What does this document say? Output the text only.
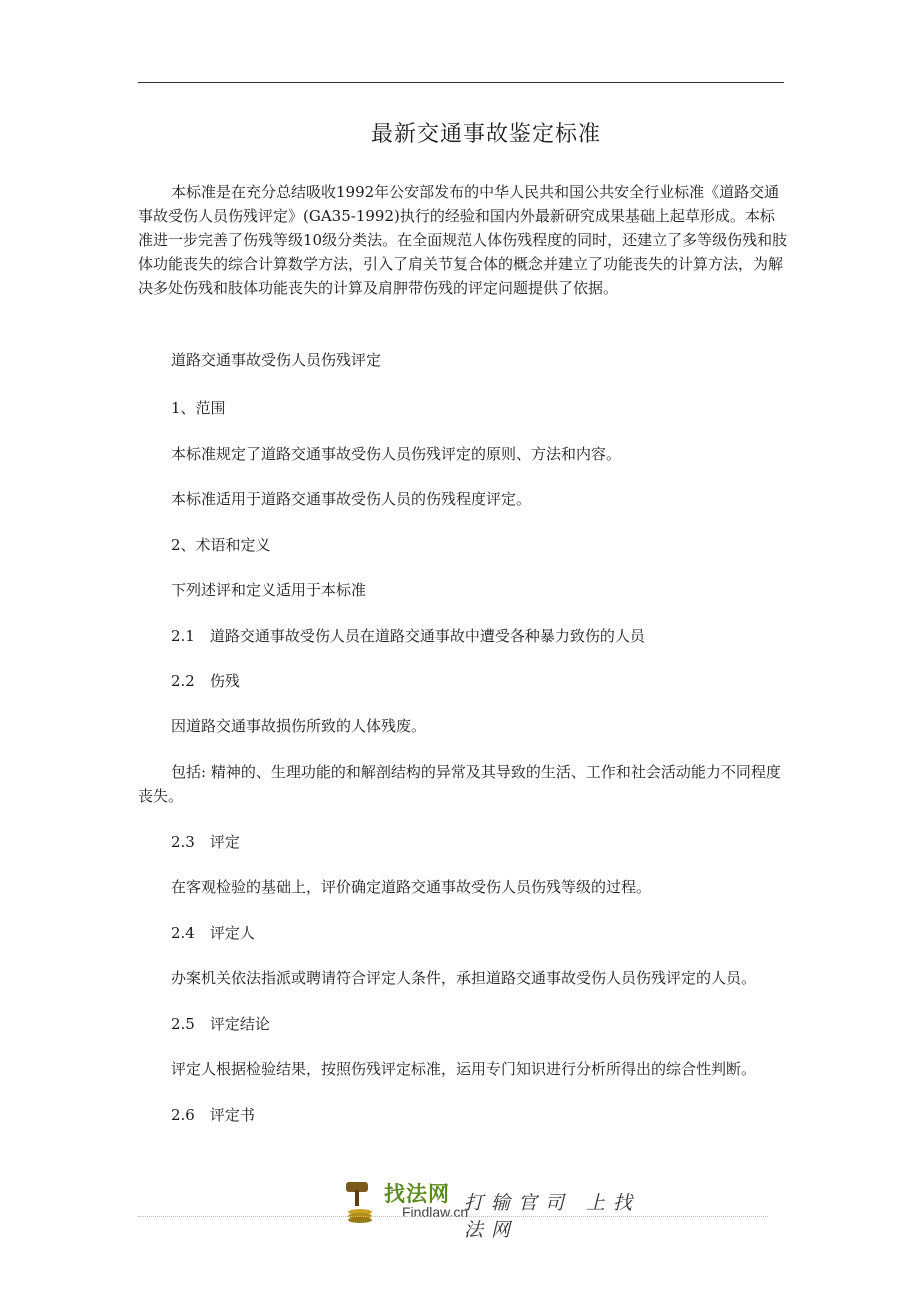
最新交通事故鉴定标准

本标准是在充分总结吸收1992年公安部发布的中华人民共和国公共安全行业标准《道路交通事故受伤人员伤残评定》(GA35-1992)执行的经验和国内外最新研究成果基础上起草形成。本标准进一步完善了伤残等级10级分类法。在全面规范人体伤残程度的同时，还建立了多等级伤残和肢体功能丧失的综合计算数学方法，引入了肩关节复合体的概念并建立了功能丧失的计算方法，为解决多处伤残和肢体功能丧失的计算及肩胛带伤残的评定问题提供了依据。

道路交通事故受伤人员伤残评定
1、范围
本标准规定了道路交通事故受伤人员伤残评定的原则、方法和内容。
本标准适用于道路交通事故受伤人员的伤残程度评定。
2、术语和定义
下列述评和定义适用于本标准
2.1　道路交通事故受伤人员在道路交通事故中遭受各种暴力致伤的人员
2.2　伤残
因道路交通事故损伤所致的人体残废。

包括: 精神的、生理功能的和解剖结构的异常及其导致的生活、工作和社会活动能力不同程度丧失。

2.3　评定
在客观检验的基础上，评价确定道路交通事故受伤人员伤残等级的过程。
2.4　评定人
办案机关依法指派或聘请符合评定人条件，承担道路交通事故受伤人员伤残评定的人员。
2.5　评定结论
评定人根据检验结果，按照伤残评定标准，运用专门知识进行分析所得出的综合性判断。
2.6　评定书
找法网
Findlaw.cn
打输官司 上找法网
